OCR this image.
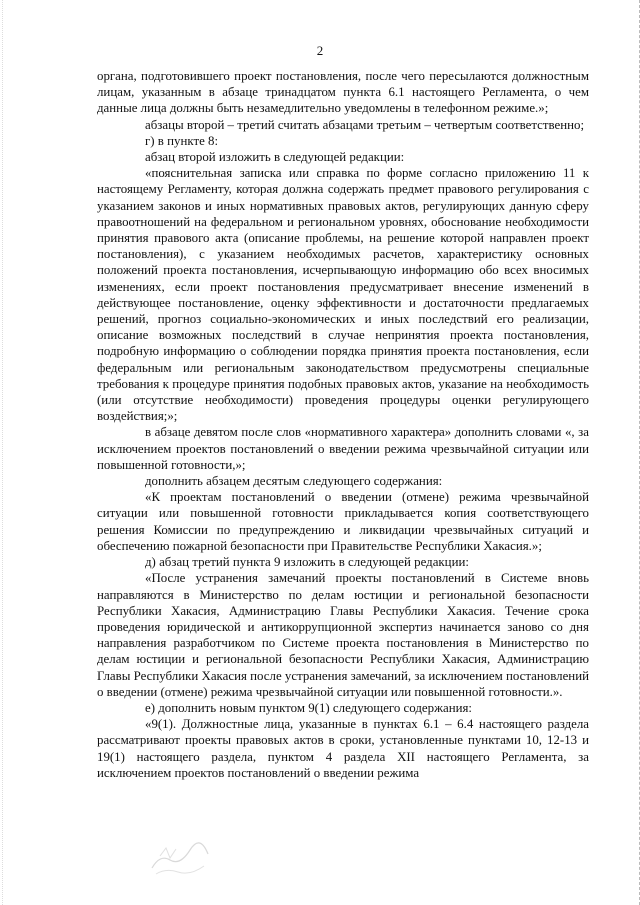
2

органа, подготовившего проект постановления, после чего пересылаются должностным лицам, указанным в абзаце тринадцатом пункта 6.1 настоящего Регламента, о чем данные лица должны быть незамедлительно уведомлены в телефонном режиме.»;

абзацы второй – третий считать абзацами третьим – четвертым соответственно;

г) в пункте 8:

абзац второй изложить в следующей редакции:

«пояснительная записка или справка по форме согласно приложению 11 к настоящему Регламенту, которая должна содержать предмет правового регулирования с указанием законов и иных нормативных правовых актов, регулирующих данную сферу правоотношений на федеральном и региональном уровнях, обоснование необходимости принятия правового акта (описание проблемы, на решение которой направлен проект постановления), с указанием необходимых расчетов, характеристику основных положений проекта постановления, исчерпывающую информацию обо всех вносимых изменениях, если проект постановления предусматривает внесение изменений в действующее постановление, оценку эффективности и достаточности предлагаемых решений, прогноз социально-экономических и иных последствий его реализации, описание возможных последствий в случае непринятия проекта постановления, подробную информацию о соблюдении порядка принятия проекта постановления, если федеральным или региональным законодательством предусмотрены специальные требования к процедуре принятия подобных правовых актов, указание на необходимость (или отсутствие необходимости) проведения процедуры оценки регулирующего воздействия;»;

в абзаце девятом после слов «нормативного характера» дополнить словами «, за исключением проектов постановлений о введении режима чрезвычайной ситуации или повышенной готовности,»;

дополнить абзацем десятым следующего содержания:

«К проектам постановлений о введении (отмене) режима чрезвычайной ситуации или повышенной готовности прикладывается копия соответствующего решения Комиссии по предупреждению и ликвидации чрезвычайных ситуаций и обеспечению пожарной безопасности при Правительстве Республики Хакасия.»;

д) абзац третий пункта 9 изложить в следующей редакции:

«После устранения замечаний проекты постановлений в Системе вновь направляются в Министерство по делам юстиции и региональной безопасности Республики Хакасия, Администрацию Главы Республики Хакасия. Течение срока проведения юридической и антикоррупционной экспертиз начинается заново со дня направления разработчиком по Системе проекта постановления в Министерство по делам юстиции и региональной безопасности Республики Хакасия, Администрацию Главы Республики Хакасия после устранения замечаний, за исключением постановлений о введении (отмене) режима чрезвычайной ситуации или повышенной готовности.».

е) дополнить новым пунктом 9(1) следующего содержания:

«9(1). Должностные лица, указанные в пунктах 6.1 – 6.4 настоящего раздела рассматривают проекты правовых актов в сроки, установленные пунктами 10, 12-13 и 19(1) настоящего раздела, пунктом 4 раздела XII настоящего Регламента, за исключением проектов постановлений о введении режима
